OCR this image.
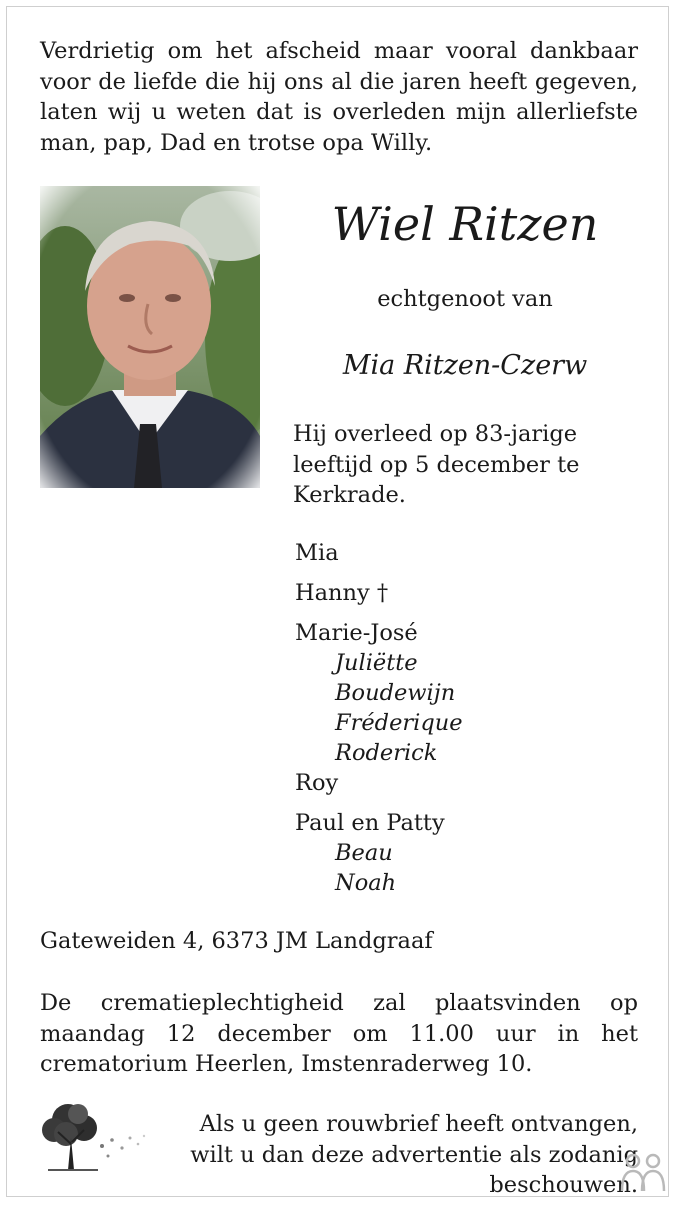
Verdrietig om het afscheid maar vooral dankbaar voor de liefde die hij ons al die jaren heeft gegeven, laten wij u weten dat is overleden mijn allerliefste man, pap, Dad en trotse opa Willy.
Wiel Ritzen
echtgenoot van
Mia Ritzen-Czerw
Hij overleed op 83-jarige leeftijd op 5 december te Kerkrade.
Mia
Hanny †
Marie-José
Juliëtte
Boudewijn
Fréderique
Roderick
Roy
Paul en Patty
Beau
Noah
Gateweiden 4, 6373 JM Landgraaf
De crematieplechtigheid zal plaatsvinden op maandag 12 december om 11.00 uur in het crematorium Heerlen, Imstenraderweg 10.
Als u geen rouwbrief heeft ontvangen, wilt u dan deze advertentie als zodanig beschouwen.
